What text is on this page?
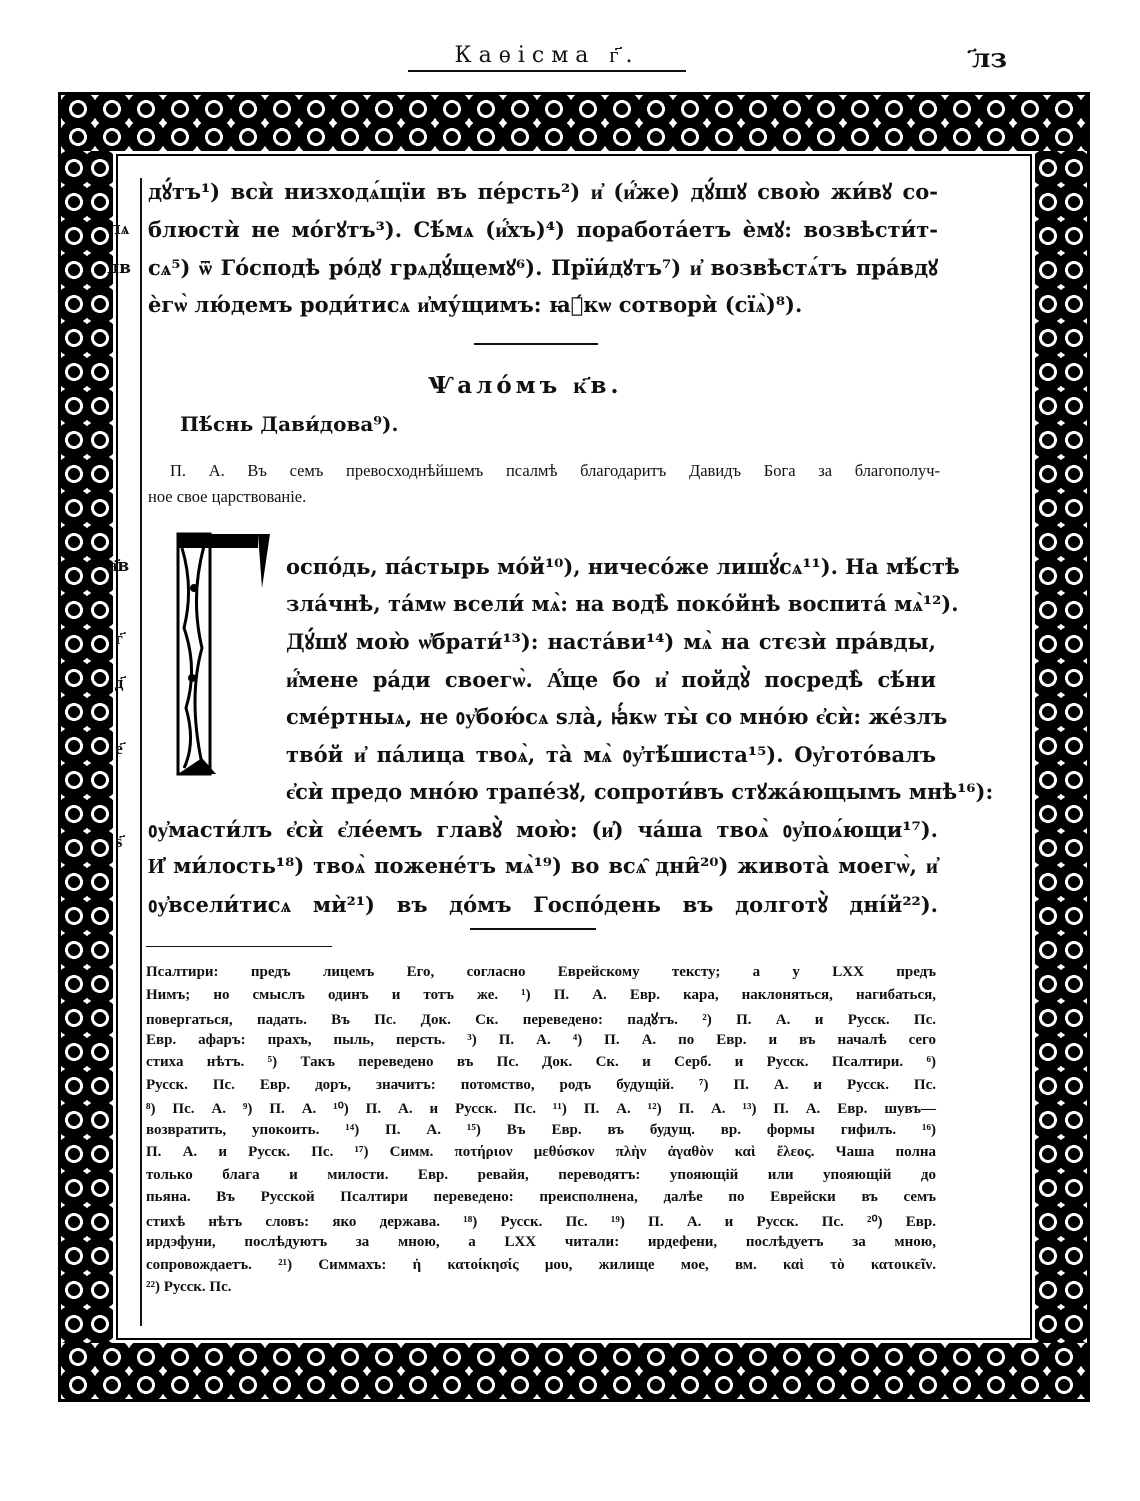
Каѳісма г҃.	҃лз
лѧ
лв
а҃в
г҃
д҃
е҃
ѕ҃
дꙋ́тъ¹) всѝ низходѧ́щїи въ пе́рсть²) и҆ (и҆́же) дꙋ́шꙋ свою̀ жи́вꙋ со-
блюстѝ не мо́гꙋтъ³). Сѣ́мѧ (и҆́хъ)⁴) поработа́етъ ѐмꙋ: возвѣсти́т-
сѧ⁵) ѿ Го́сподѣ ро́дꙋ грѧдꙋ́щемꙋ⁶). Прїи́дꙋтъ⁷) и҆ возвѣстѧ́тъ пра́вдꙋ
ѐгѡ̀ лю́демъ роди́тисѧ и҆му́щимъ: ꙗ҆́кѡ сотворѝ (сїѧ̀)⁸).
Ѱало́мъ к҃в.
Пѣ́снь Дави́дова⁹).
П. А. Въ семъ превосходнѣйшемъ псалмѣ благодаритъ Давидъ Бога за благополуч-
ное свое царствованіе.
оспо́дь, па́стырь мо́й¹⁰), ничесо́же лишꙋ́сѧ¹¹). На мѣ́стѣ
зла́чнѣ, та́мѡ всели́ мѧ̀: на водѣ̀ поко́йнѣ воспита́ мѧ̀¹²).
Дꙋ́шꙋ мою̀ ѡ҆брати́¹³): наста́ви¹⁴) мѧ̀ на стєзѝ пра́вды,
и҆́мене ра́ди своегѡ̀. А҆́ще бо и҆ пойдꙋ̀ посредѣ̀ сѣ́ни
сме́ртныѧ, не ᲂу҆бою́сѧ ѕла̀, ꙗ҆́кѡ ты̀ со мно́ю є҆сѝ: же́злъ
тво́й и҆ па́лица твоѧ̀, та̀ мѧ̀ ᲂу҆тѣ́шиста¹⁵). Оу҆гото́валъ
є҆сѝ предо мно́ю трапе́зꙋ, сопроти́въ стꙋжа́ющымъ мнѣ¹⁶):
ᲂу҆масти́лъ є҆сѝ є҆ле́емъ главꙋ̀ мою̀: (и҆) ча́ша твоѧ̀ ᲂу҆поѧ́ющи¹⁷).
И҆ ми́лость¹⁸) твоѧ̀ пожене́тъ мѧ̀¹⁹) во всѧ̑ дни̑²⁰) живота̀ моегѡ̀, и҆
ᲂу҆всели́тисѧ мѝ²¹) въ до́мъ Госпо́день въ долготꙋ̀ дні́й²²).
Псалтири: предъ лицемъ Его, согласно Еврейскому тексту; а у LXX предъ
Нимъ; но смыслъ одинъ и тотъ же. ¹) П. А. Евр. кара, наклоняться, нагибаться,
повергаться, падать. Въ Пс. Док. Ск. переведено: падꙋтъ. ²) П. А. и Русск. Пс.
Евр. афаръ: прахъ, пыль, персть. ³) П. А. ⁴) П. А. по Евр. и въ началѣ сего
стиха нѣтъ. ⁵) Такъ переведено въ Пс. Док. Ск. и Серб. и Русск. Псалтири. ⁶)
Русск. Пс. Евр. доръ, значитъ: потомство, родъ будущій. ⁷) П. А. и Русск. Пс.
⁸) Пс. А. ⁹) П. А. ¹⁰) П. А. и Русск. Пс. ¹¹) П. А. ¹²) П. А. ¹³) П. А. Евр. шувъ—
возвратить, упокоить. ¹⁴) П. А. ¹⁵) Въ Евр. въ будущ. вр. формы гифилъ. ¹⁶)
П. А. и Русск. Пс. ¹⁷) Симм. ποτήριον μεθύσκον πλὴν ἀγαθὸν καὶ ἔλεος. Чаша полна
только блага и милости. Евр. ревайя, переводятъ: упояющій или упояющій до
пьяна. Въ Русской Псалтири переведено: преисполнена, далѣе по Еврейски въ семъ
стихѣ нѣтъ словъ: яко держава. ¹⁸) Русск. Пс. ¹⁹) П. А. и Русск. Пс. ²⁰) Евр.
ирдэфуни, послѣдуютъ за мною, а LXX читали: ирдефени, послѣдуетъ за мною,
сопровождаетъ. ²¹) Симмахъ: ἡ κατοίκησίς μου, жилище мое, вм. καὶ τὸ κατοικεῖν.
²²) Русск. Пс.
